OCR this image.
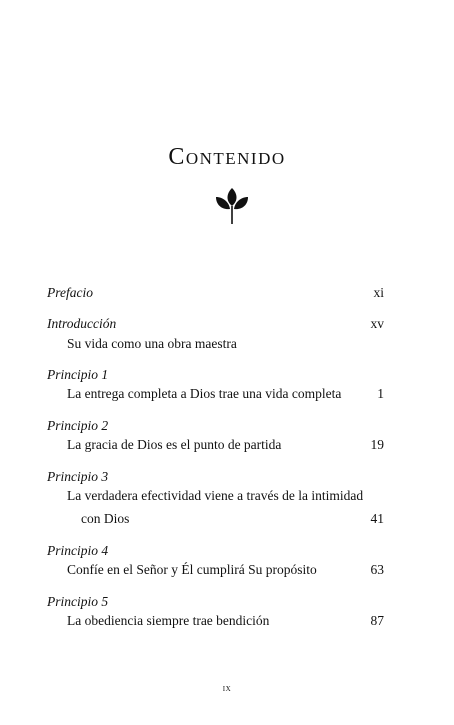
Contenido
Prefacio	xi
Introducción	xv
Su vida como una obra maestra
Principio 1
La entrega completa a Dios trae una vida completa	1
Principio 2
La gracia de Dios es el punto de partida	19
Principio 3
La verdadera efectividad viene a través de la intimidad
con Dios	41
Principio 4
Confíe en el Señor y Él cumplirá Su propósito	63
Principio 5
La obediencia siempre trae bendición	87
ix
